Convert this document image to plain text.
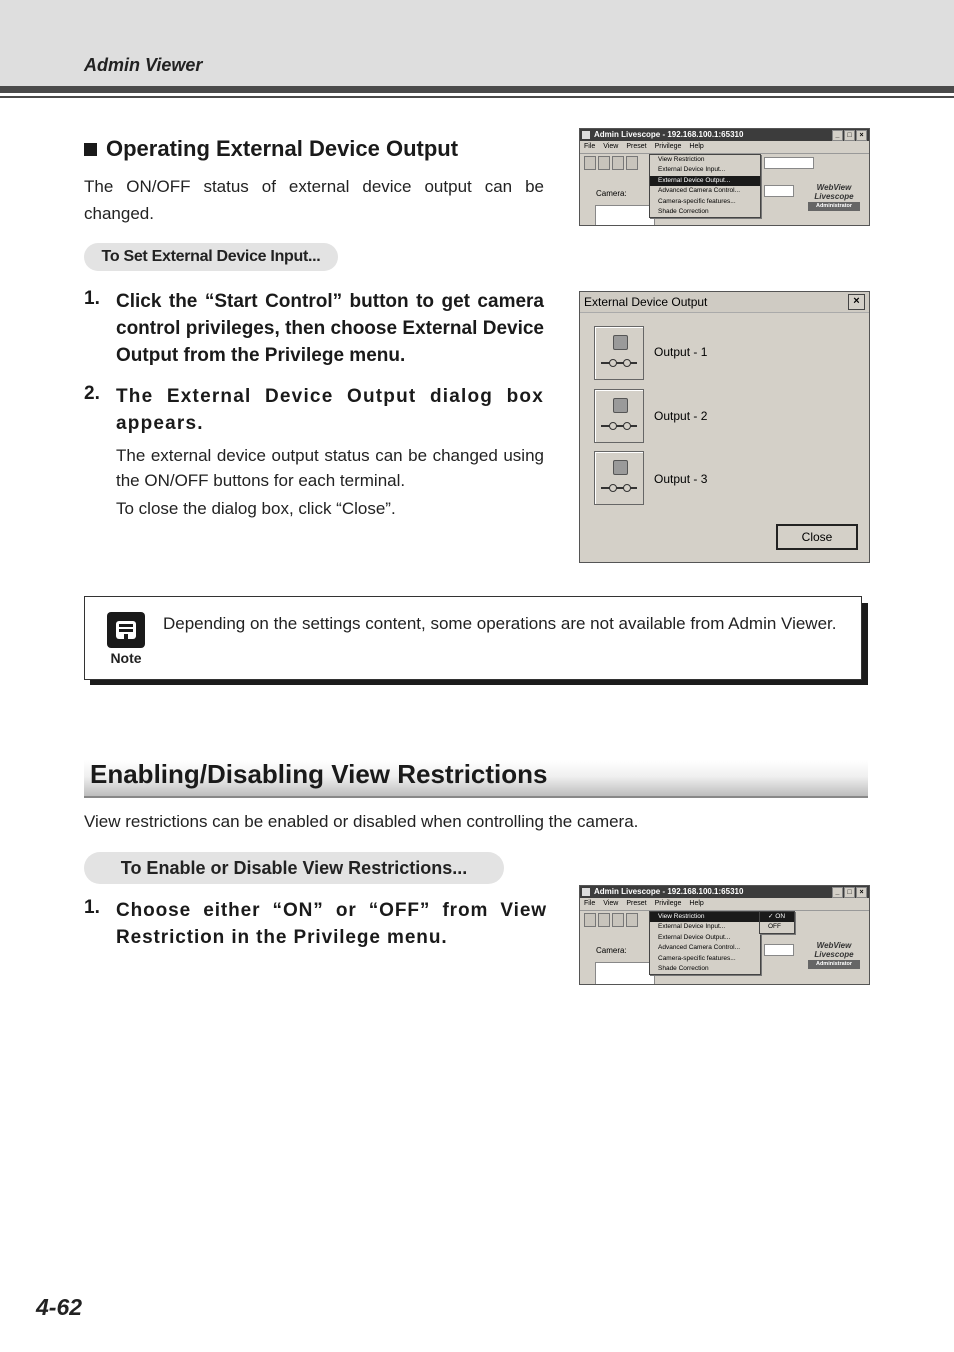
Admin Viewer
Operating External Device Output
The ON/OFF status of external device output can be changed.
To Set External Device Input...
1. Click the “Start Control” button to get camera control privileges, then choose External Device Output from the Privilege menu.
2. The External Device Output dialog box appears.
The external device output status can be changed using the ON/OFF buttons for each terminal.
To close the dialog box, click “Close”.
Admin Livescope - 192.168.100.1:65310	_	□	×
File View Preset Privilege Help
Camera:
WebView Livescope
Administrator
View Restriction
External Device Input...
External Device Output...
Advanced Camera Control...
Camera-specific features...
Shade Correction
External Device Output	×
Output - 1
Output - 2
Output - 3
Close
Note
Depending on the settings content, some operations are not available from Admin Viewer.
Enabling/Disabling View Restrictions
View restrictions can be enabled or disabled when controlling the camera.
To Enable or Disable View Restrictions...
1. Choose either “ON” or “OFF” from View Restriction in the Privilege menu.
Admin Livescope - 192.168.100.1:65310	_	□	×
File View Preset Privilege Help
Camera:
WebView Livescope
Administrator
View Restriction
External Device Input...
External Device Output...
Advanced Camera Control...
Camera-specific features...
Shade Correction
✓ ON
OFF
4-62
